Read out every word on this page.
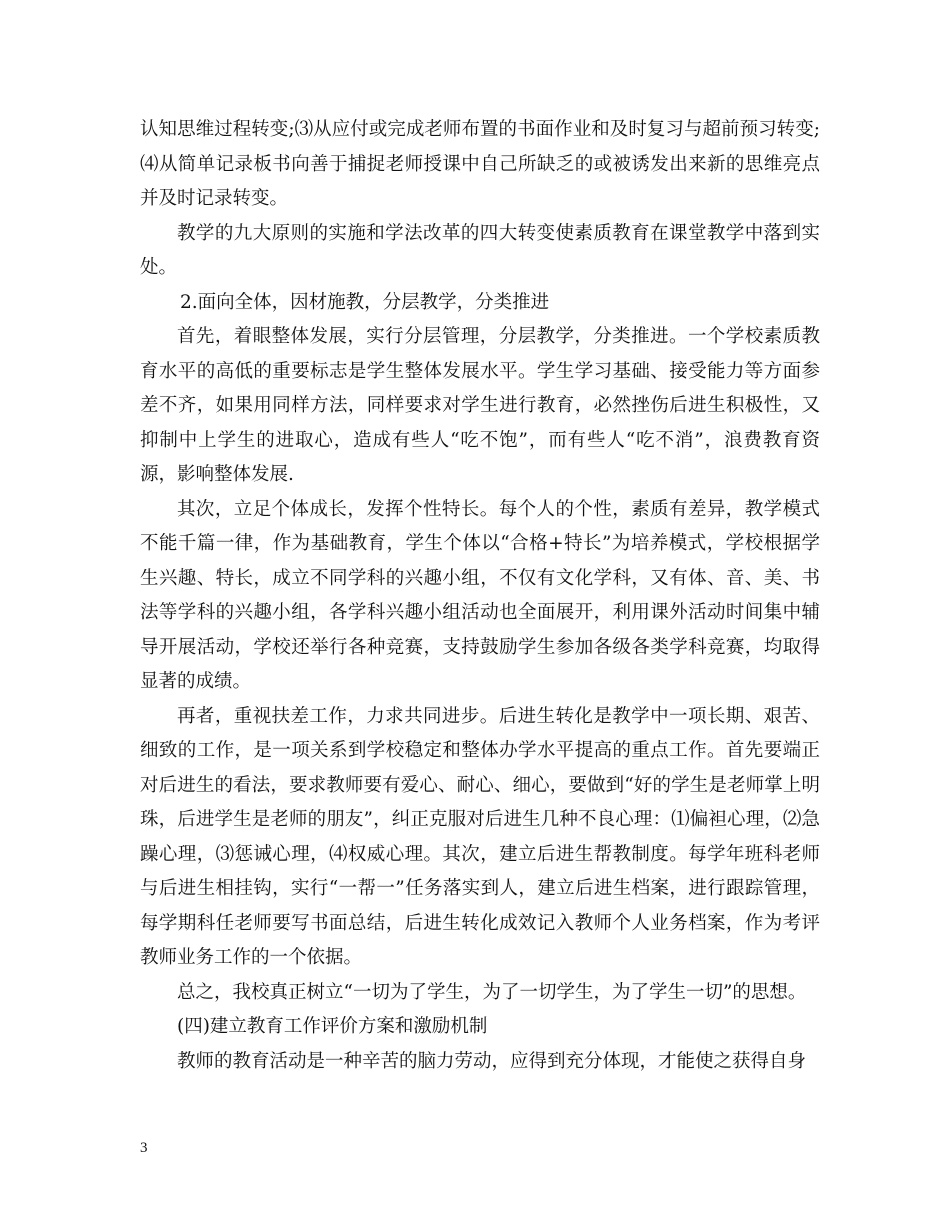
认知思维过程转变;⑶从应付或完成老师布置的书面作业和及时复习与超前预习转变;⑷从简单记录板书向善于捕捉老师授课中自己所缺乏的或被诱发出来新的思维亮点并及时记录转变。

教学的九大原则的实施和学法改革的四大转变使素质教育在课堂教学中落到实处。

2.面向全体，因材施教，分层教学，分类推进

首先，着眼整体发展，实行分层管理，分层教学，分类推进。一个学校素质教育水平的高低的重要标志是学生整体发展水平。学生学习基础、接受能力等方面参差不齐，如果用同样方法，同样要求对学生进行教育，必然挫伤后进生积极性，又抑制中上学生的进取心，造成有些人“吃不饱”，而有些人“吃不消”，浪费教育资源，影响整体发展.

其次，立足个体成长，发挥个性特长。每个人的个性，素质有差异，教学模式不能千篇一律，作为基础教育，学生个体以“合格+特长”为培养模式，学校根据学生兴趣、特长，成立不同学科的兴趣小组，不仅有文化学科，又有体、音、美、书法等学科的兴趣小组，各学科兴趣小组活动也全面展开，利用课外活动时间集中辅导开展活动，学校还举行各种竞赛，支持鼓励学生参加各级各类学科竞赛，均取得显著的成绩。

再者，重视扶差工作，力求共同进步。后进生转化是教学中一项长期、艰苦、细致的工作，是一项关系到学校稳定和整体办学水平提高的重点工作。首先要端正对后进生的看法，要求教师要有爱心、耐心、细心，要做到“好的学生是老师掌上明珠，后进学生是老师的朋友”，纠正克服对后进生几种不良心理：⑴偏袒心理，⑵急躁心理，⑶惩诫心理，⑷权威心理。其次，建立后进生帮教制度。每学年班科老师与后进生相挂钩，实行“一帮一”任务落实到人，建立后进生档案，进行跟踪管理，每学期科任老师要写书面总结，后进生转化成效记入教师个人业务档案，作为考评教师业务工作的一个依据。

总之，我校真正树立“一切为了学生，为了一切学生，为了学生一切”的思想。

(四)建立教育工作评价方案和激励机制

教师的教育活动是一种辛苦的脑力劳动，应得到充分体现，才能使之获得自身

3
